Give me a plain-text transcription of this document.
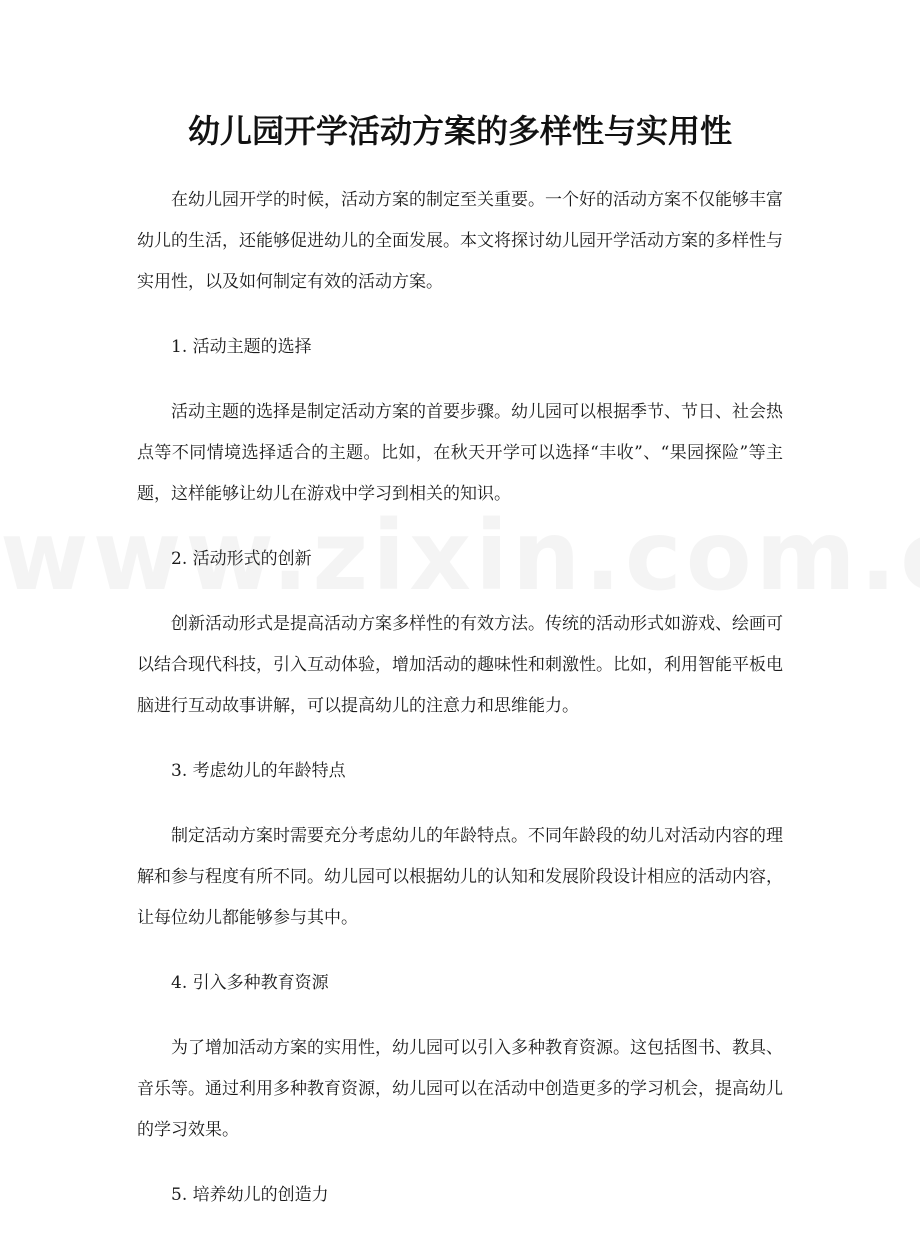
幼儿园开学活动方案的多样性与实用性

在幼儿园开学的时候，活动方案的制定至关重要。一个好的活动方案不仅能够丰富幼儿的生活，还能够促进幼儿的全面发展。本文将探讨幼儿园开学活动方案的多样性与实用性，以及如何制定有效的活动方案。

1. 活动主题的选择

活动主题的选择是制定活动方案的首要步骤。幼儿园可以根据季节、节日、社会热点等不同情境选择适合的主题。比如，在秋天开学可以选择“丰收”、“果园探险”等主题，这样能够让幼儿在游戏中学习到相关的知识。

2. 活动形式的创新

创新活动形式是提高活动方案多样性的有效方法。传统的活动形式如游戏、绘画可以结合现代科技，引入互动体验，增加活动的趣味性和刺激性。比如，利用智能平板电脑进行互动故事讲解，可以提高幼儿的注意力和思维能力。

3. 考虑幼儿的年龄特点

制定活动方案时需要充分考虑幼儿的年龄特点。不同年龄段的幼儿对活动内容的理解和参与程度有所不同。幼儿园可以根据幼儿的认知和发展阶段设计相应的活动内容，让每位幼儿都能够参与其中。

4. 引入多种教育资源

为了增加活动方案的实用性，幼儿园可以引入多种教育资源。这包括图书、教具、音乐等。通过利用多种教育资源，幼儿园可以在活动中创造更多的学习机会，提高幼儿的学习效果。

5. 培养幼儿的创造力
